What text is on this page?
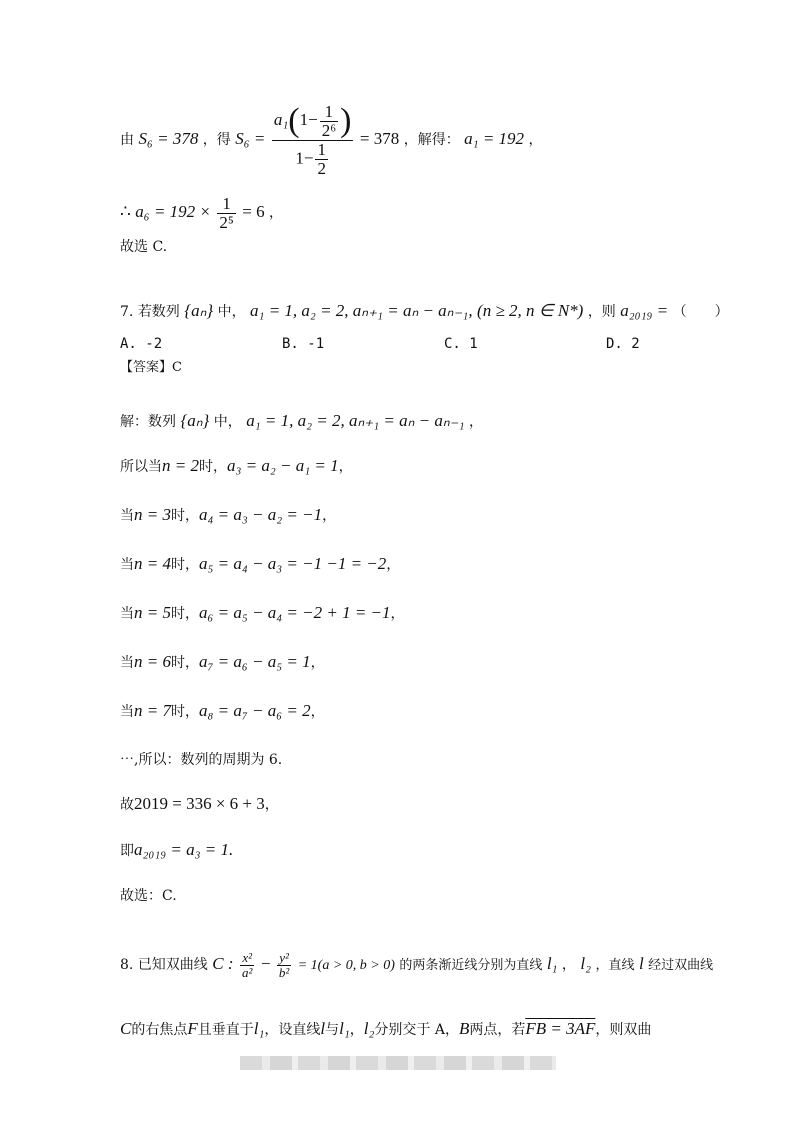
由 S₆ = 378 ，得 $S_6 = \frac{a_1(1- \frac{1}{\text{2⁶}} )}{1- \frac{1}{2}} = 378$ ，解得： a₁ = 192 ，
∴ $a_6 = 192 \times \frac{1}{\text{2⁵}} = 6$ ，
故选 C.
7. 若数列 {aₙ} 中， a₁ = 1, a₂ = 2, aₙ₊₁ = aₙ − aₙ₋₁, (n ≥ 2, n ∈ N*) ，则 a₂₀₁₉ = （　　）
A. -2	B. -1	C. 1	D. 2
【答案】C
解：数列 {aₙ} 中， a₁ = 1, a₂ = 2, aₙ₊₁ = aₙ − aₙ₋₁ ，
所以当n = 2时，a₃ = a₂ − a₁ = 1，
当n = 3时，a₄ = a₃ − a₂ = −1，
当n = 4时，a₅ = a₄ − a₃ = −1 −1 = −2，
当n = 5时，a₆ = a₅ − a₄ = −2 + 1 = −1，
当n = 6时，a₇ = a₆ − a₅ = 1，
当n = 7时，a₈ = a₇ − a₆ = 2，
⋯,所以：数列的周期为 6.
故2019 = 336 × 6 + 3，
即a₂₀₁₉ = a₃ = 1.
故选：C.
8. 已知双曲线 C : $\frac{\text{x²}}{\text{a²}} - \frac{\text{y²}}{\text{b²}} = 1(a > 0$, b > 0) 的两条渐近线分别为直线 l₁ ， l₂ ，直线 l 经过双曲线
C的右焦点F且垂直于l₁，设直线l与l₁，l₂分别交于 A，B两点，若FB = 3AF，则双曲
